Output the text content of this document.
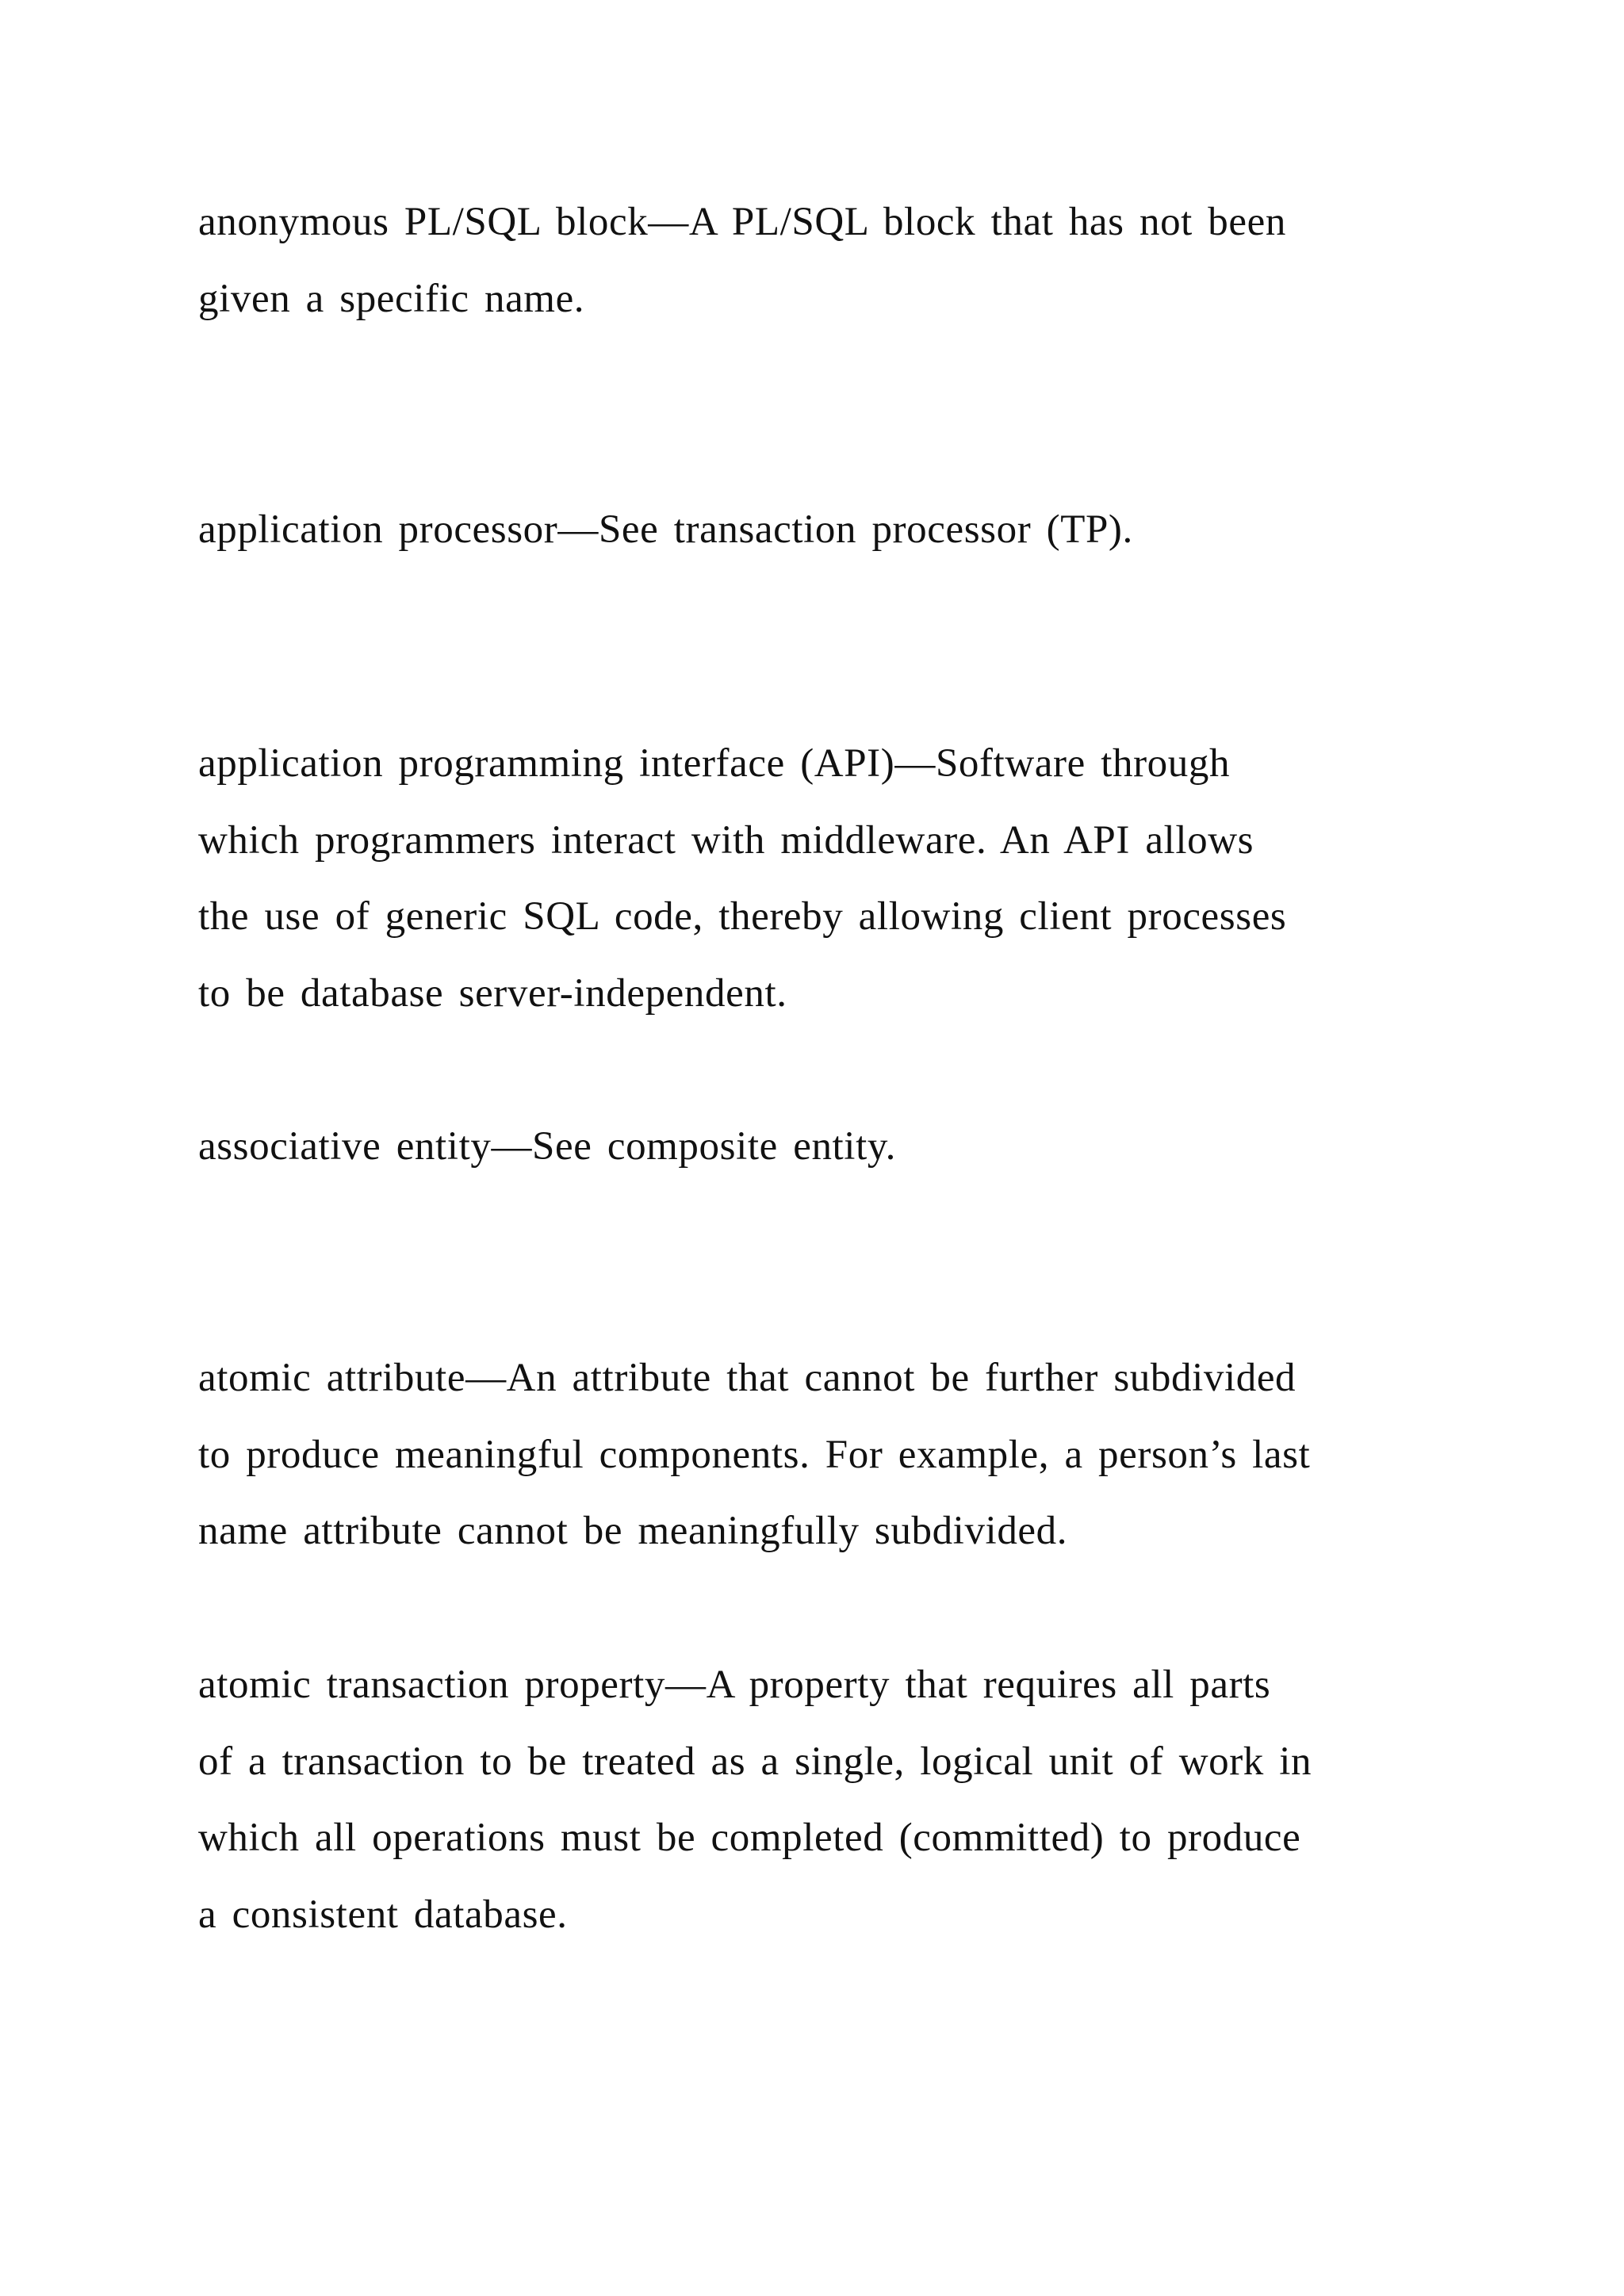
anonymous PL/SQL block—A PL/SQL block that has not been
given a specific name.

application processor—See transaction processor (TP).

application programming interface (API)—Software through
which programmers interact with middleware. An API allows
the use of generic SQL code, thereby allowing client processes
to be database server-independent.

associative entity—See composite entity.

atomic attribute—An attribute that cannot be further subdivided
to produce meaningful components. For example, a person’s last
name attribute cannot be meaningfully subdivided.

atomic transaction property—A property that requires all parts
of a transaction to be treated as a single, logical unit of work in
which all operations must be completed (committed) to produce
a consistent database.
